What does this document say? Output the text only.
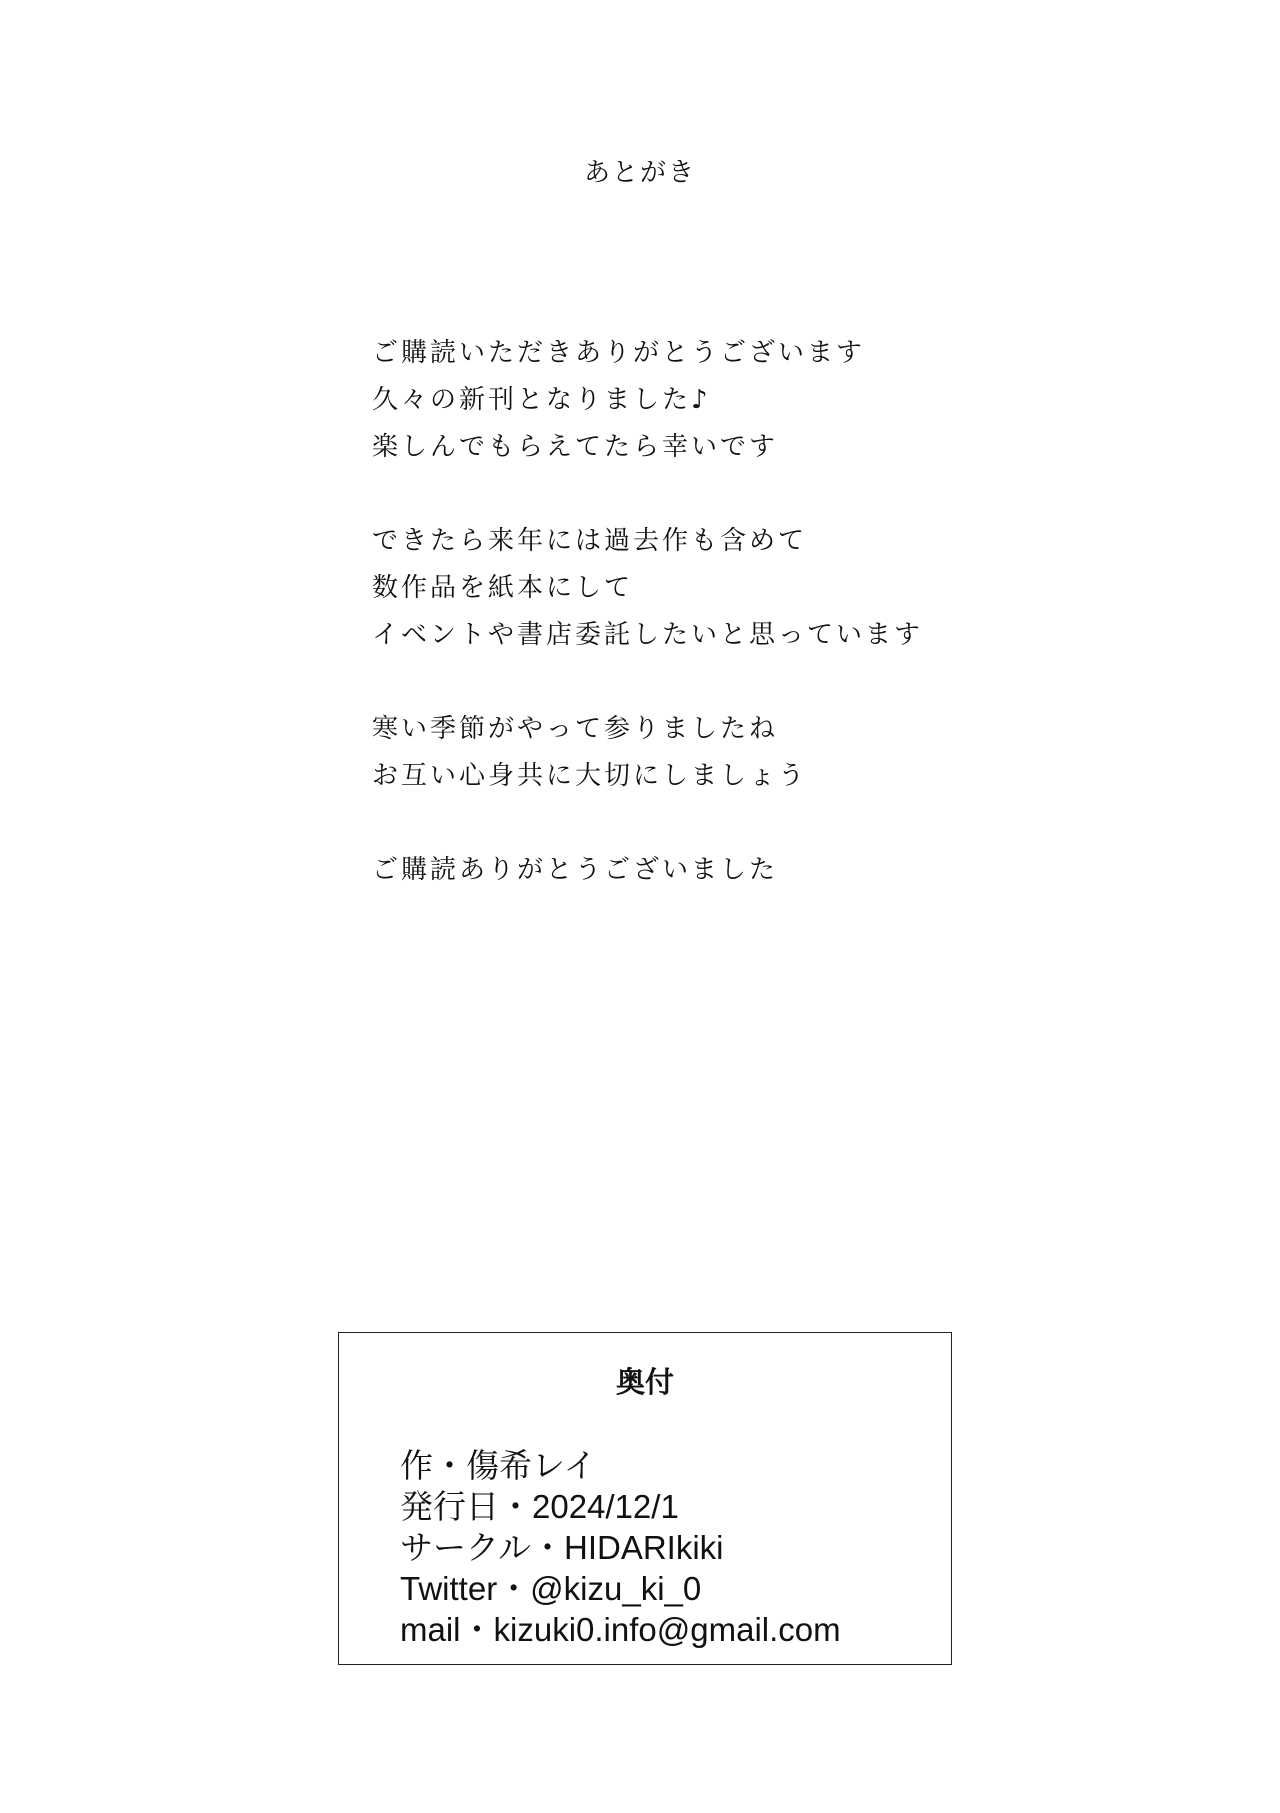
あとがき
ご購読いただきありがとうございます
久々の新刊となりました♪
楽しんでもらえてたら幸いです
できたら来年には過去作も含めて
数作品を紙本にして
イベントや書店委託したいと思っています
寒い季節がやって参りましたね
お互い心身共に大切にしましょう
ご購読ありがとうございました
奥付
作・傷希レイ
発行日・2024/12/1
サークル・HIDARIkiki
Twitter・@kizu_ki_0
mail・kizuki0.info@gmail.com
